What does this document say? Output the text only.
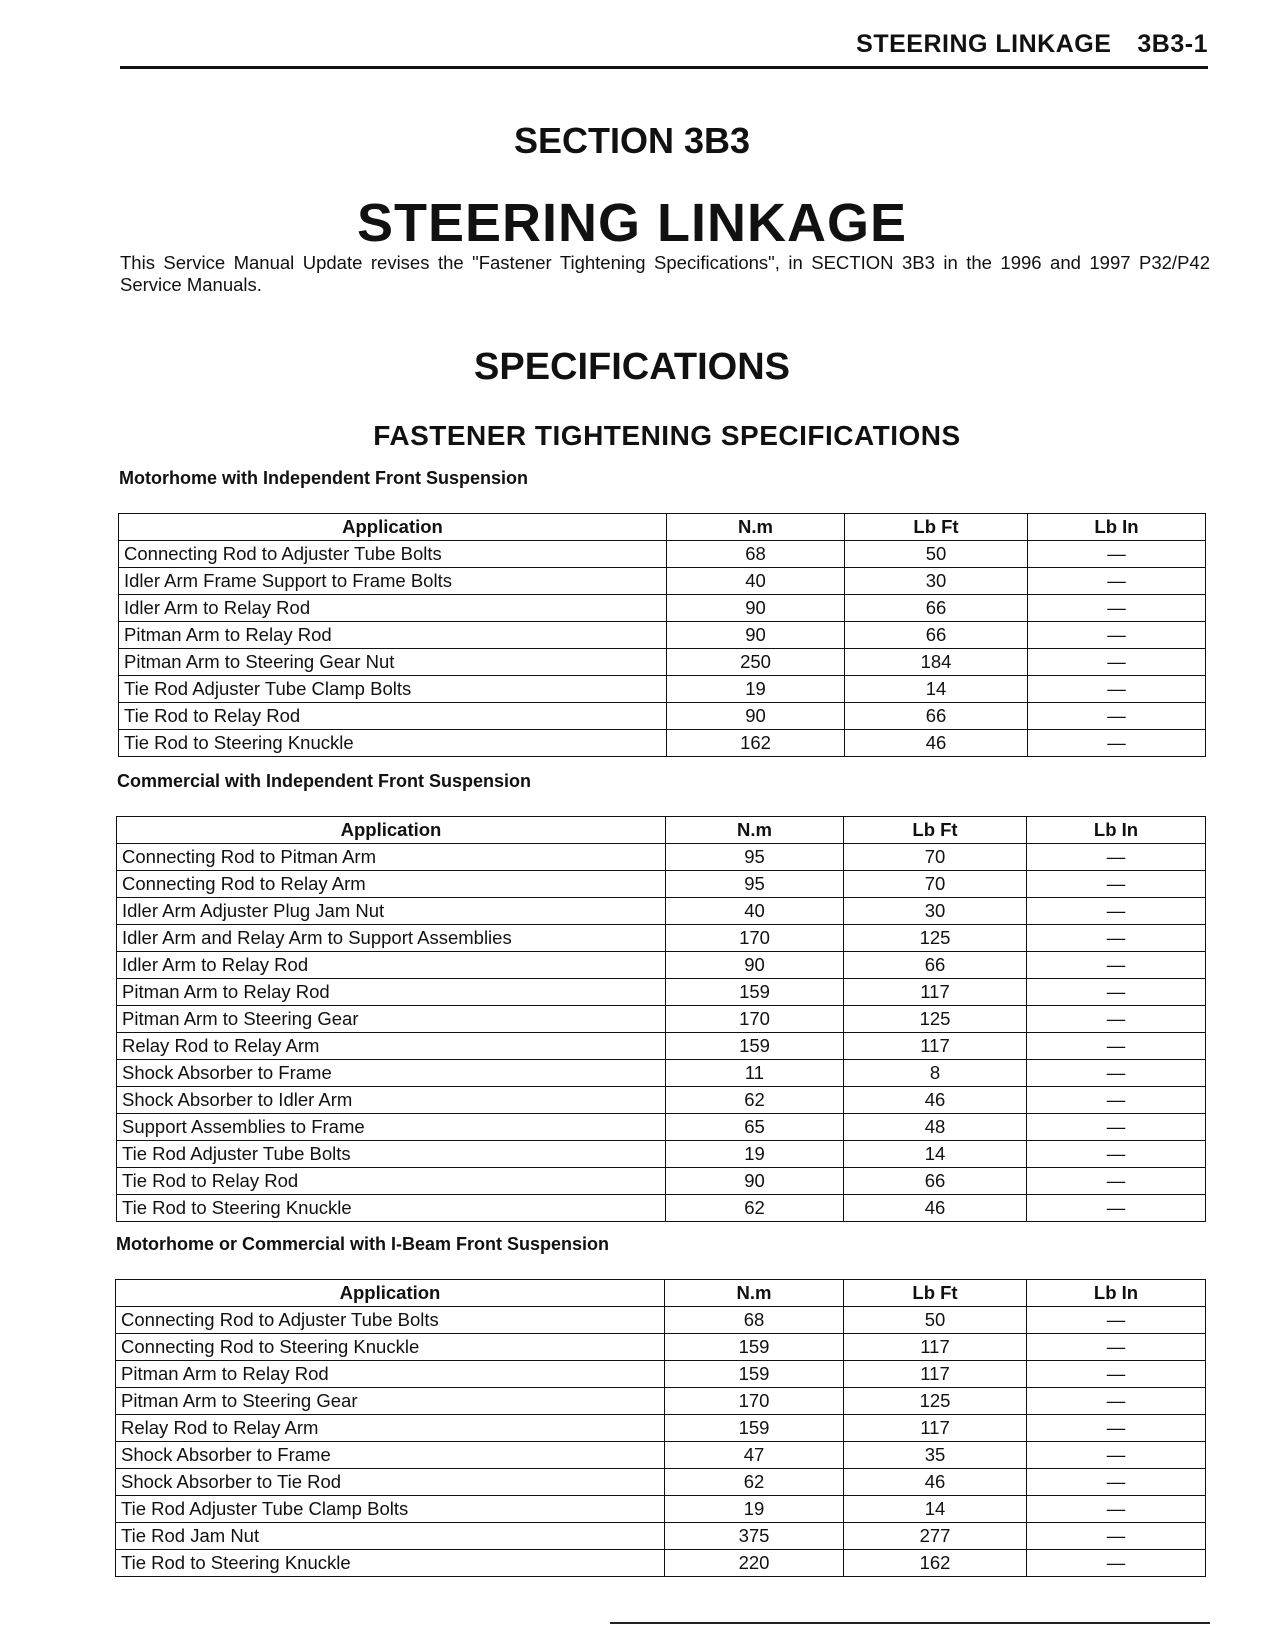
STEERING LINKAGE 3B3-1
SECTION 3B3
STEERING LINKAGE
This Service Manual Update revises the "Fastener Tightening Specifications", in SECTION 3B3 in the 1996 and 1997 P32/P42 Service Manuals.
SPECIFICATIONS
FASTENER TIGHTENING SPECIFICATIONS
Motorhome with Independent Front Suspension
Application	N.m	Lb Ft	Lb In
Connecting Rod to Adjuster Tube Bolts	68	50	—
Idler Arm Frame Support to Frame Bolts	40	30	—
Idler Arm to Relay Rod	90	66	—
Pitman Arm to Relay Rod	90	66	—
Pitman Arm to Steering Gear Nut	250	184	—
Tie Rod Adjuster Tube Clamp Bolts	19	14	—
Tie Rod to Relay Rod	90	66	—
Tie Rod to Steering Knuckle	162	46	—
Commercial with Independent Front Suspension
Application	N.m	Lb Ft	Lb In
Connecting Rod to Pitman Arm	95	70	—
Connecting Rod to Relay Arm	95	70	—
Idler Arm Adjuster Plug Jam Nut	40	30	—
Idler Arm and Relay Arm to Support Assemblies	170	125	—
Idler Arm to Relay Rod	90	66	—
Pitman Arm to Relay Rod	159	117	—
Pitman Arm to Steering Gear	170	125	—
Relay Rod to Relay Arm	159	117	—
Shock Absorber to Frame	11	8	—
Shock Absorber to Idler Arm	62	46	—
Support Assemblies to Frame	65	48	—
Tie Rod Adjuster Tube Bolts	19	14	—
Tie Rod to Relay Rod	90	66	—
Tie Rod to Steering Knuckle	62	46	—
Motorhome or Commercial with I-Beam Front Suspension
Application	N.m	Lb Ft	Lb In
Connecting Rod to Adjuster Tube Bolts	68	50	—
Connecting Rod to Steering Knuckle	159	117	—
Pitman Arm to Relay Rod	159	117	—
Pitman Arm to Steering Gear	170	125	—
Relay Rod to Relay Arm	159	117	—
Shock Absorber to Frame	47	35	—
Shock Absorber to Tie Rod	62	46	—
Tie Rod Adjuster Tube Clamp Bolts	19	14	—
Tie Rod Jam Nut	375	277	—
Tie Rod to Steering Knuckle	220	162	—
